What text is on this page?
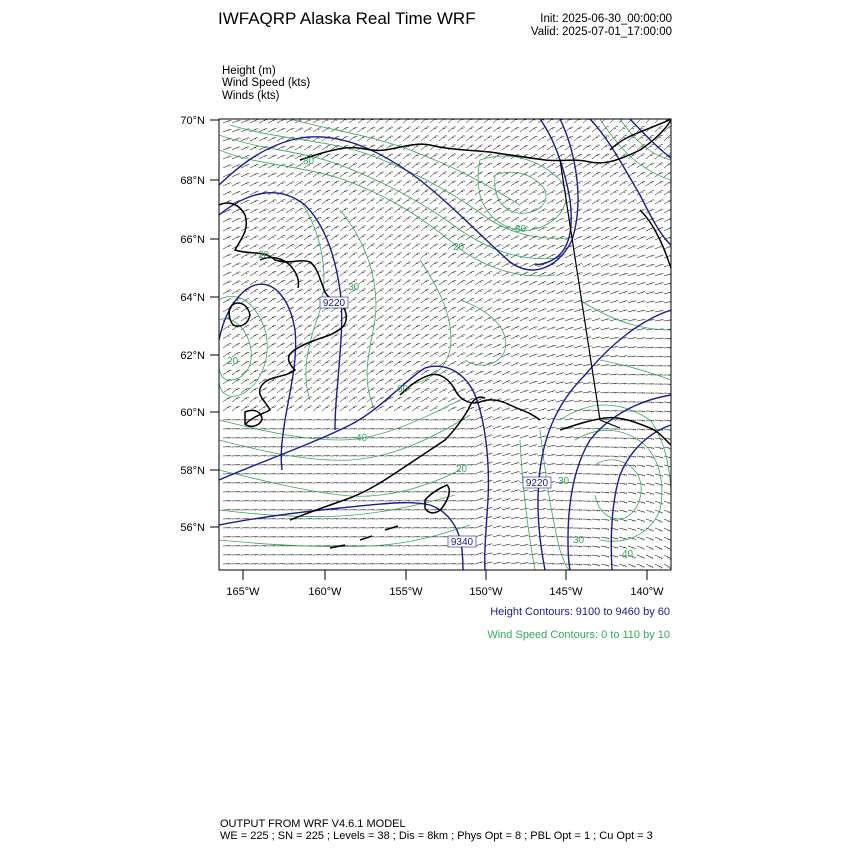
IWFAQRP Alaska Real Time WRF	Init: 2025-06-30_00:00:00
Valid: 2025-07-01_17:00:00
Height (m)
Wind Speed (kts)
Winds (kts)
9220
9340
9220
80
30
20
30
60
40
20
20
30
30
40
20
70°N
68°N
66°N
64°N
62°N
60°N
58°N
56°N
165°W	160°W	155°W	150°W	145°W	140°W
Height Contours: 9100 to 9460 by 60
Wind Speed Contours: 0 to 110 by 10
OUTPUT FROM WRF V4.6.1 MODEL
WE = 225 ; SN = 225 ; Levels = 38 ; Dis = 8km ; Phys Opt = 8 ; PBL Opt = 1 ; Cu Opt = 3
